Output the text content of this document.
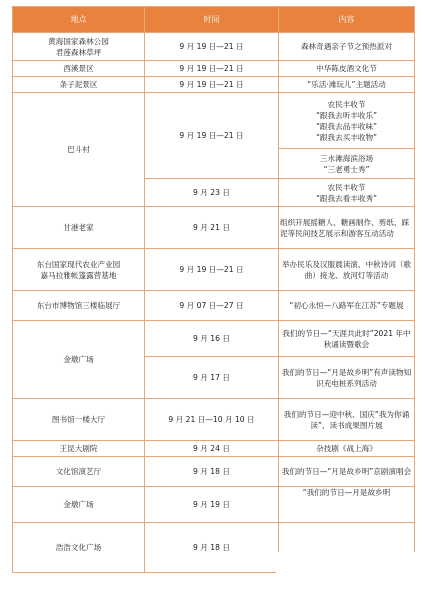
地点	时间	内容
黄海国家森林公园
君莲森林草坪	9 月 19 日—21 日	森林奇遇亲子节之预热派对
西溪景区	9 月 19 日—21 日	中华陈皮酒文化节
条子泥景区	9 月 19 日—21 日	“乐活·滩玩儿”主题活动
巴斗村	9 月 19 日—21 日	农民丰收节
“跟我去听丰收乐”
“跟我去品丰收味”
“跟我去买丰收物”
		三水滩海滨浴场
“三老勇士秀”
	9 月 23 日	农民丰收节
“跟我去看丰收秀”
甘港老家	9 月 21 日	组织开展摇糖人、糖画制作、剪纸、踩泥等民间技艺展示和游客互动活动
东台国家现代农业产业园
嘉马拉雅帐篷露营基地	9 月 19 日—21 日	举办民乐及汉服晨读演、中秋诗词（歌曲）接龙、放河灯等活动
东台市博物馆三楼临展厅	9 月 07 日—27 日	“初心永恒—八路军在江苏”专题展
金墩广场	9 月 16 日	我们的节日—“天涯共此时”2021 年中秋诵读暨歌会
	9 月 17 日	我们的节日—“月是故乡明”有声读物知识充电桩系列活动
图书馆一楼大厅	9 月 21 日—10 月 10 日	我们的节日—迎中秋、国庆“我为你诵读”、读书成果图片展
王昆大剧院	9 月 24 日	杂技剧《战上海》
文化馆演艺厅	9 月 18 日	我们的节日—“月是故乡明”京剧演唱会
金墩广场	9 月 19 日	“我们的节日—月是故乡明
浩浩文化广场	9 月 18 日	
